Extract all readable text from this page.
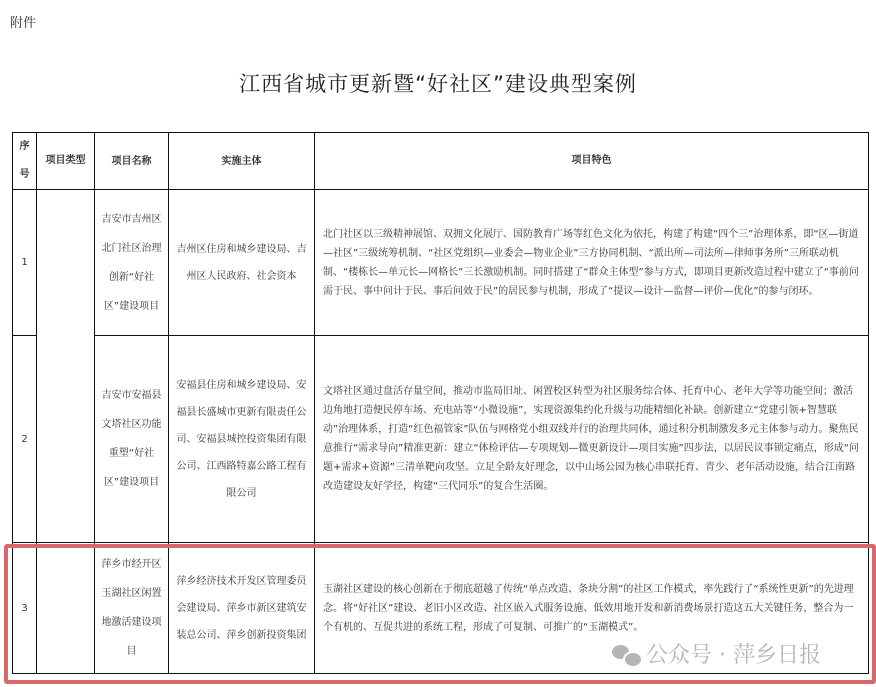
附件
江西省城市更新暨“好社区”建设典型案例
序号	项目类型	项目名称	实施主体	项目特色
1		吉安市吉州区北门社区治理创新“好社区”建设项目	吉州区住房和城乡建设局、吉州区人民政府、社会资本	北门社区以三级精神展馆、双拥文化展厅、国防教育广场等红色文化为依托，构建了构建“四个三”治理体系，即“区—街道—社区”三级统筹机制、“社区党组织—业委会—物业企业”三方协同机制、“派出所—司法所—律师事务所”三所联动机制、“楼栋长—单元长—网格长”三长激励机制。同时搭建了“群众主体型”参与方式，即项目更新改造过程中建立了“事前问需于民、事中问计于民、事后问效于民”的居民参与机制，形成了“提议—设计—监督—评价—优化”的参与闭环。
2		吉安市安福县文塔社区功能重塑“好社区”建设项目	安福县住房和城乡建设局、安福县长盛城市更新有限责任公司、安福县城控投资集团有限公司、江西路特嘉公路工程有限公司	文塔社区通过盘活存量空间，推动市监局旧址、闲置校区转型为社区服务综合体、托育中心、老年大学等功能空间；激活边角地打造便民停车场、充电站等“小微设施”，实现资源集约化升级与功能精细化补缺。创新建立“党建引领+智慧联动”治理体系，打造“红色福管家”队伍与网格党小组双线并行的治理共同体，通过积分机制激发多元主体参与动力。聚焦民意推行“需求导向”精准更新：建立“体检评估—专项规划—微更新设计—项目实施”四步法，以居民议事锁定痛点，形成“问题+需求+资源”三清单靶向攻坚。立足全龄友好理念，以中山场公园为核心串联托育、青少、老年活动设施，结合江南路改造建设友好学径，构建“三代同乐”的复合生活圈。
3		萍乡市经开区玉湖社区闲置地激活建设项目	萍乡经济技术开发区管理委员会建设局、萍乡市新区建筑安装总公司、萍乡创新投资集团	玉湖社区建设的核心创新在于彻底超越了传统“单点改造、条块分割”的社区工作模式，率先践行了“系统性更新”的先进理念。将“好社区”建设、老旧小区改造、社区嵌入式服务设施、低效用地开发和新消费场景打造这五大关键任务，整合为一个有机的、互促共进的系统工程，形成了可复制、可推广的“玉湖模式”。
公众号 · 萍乡日报
